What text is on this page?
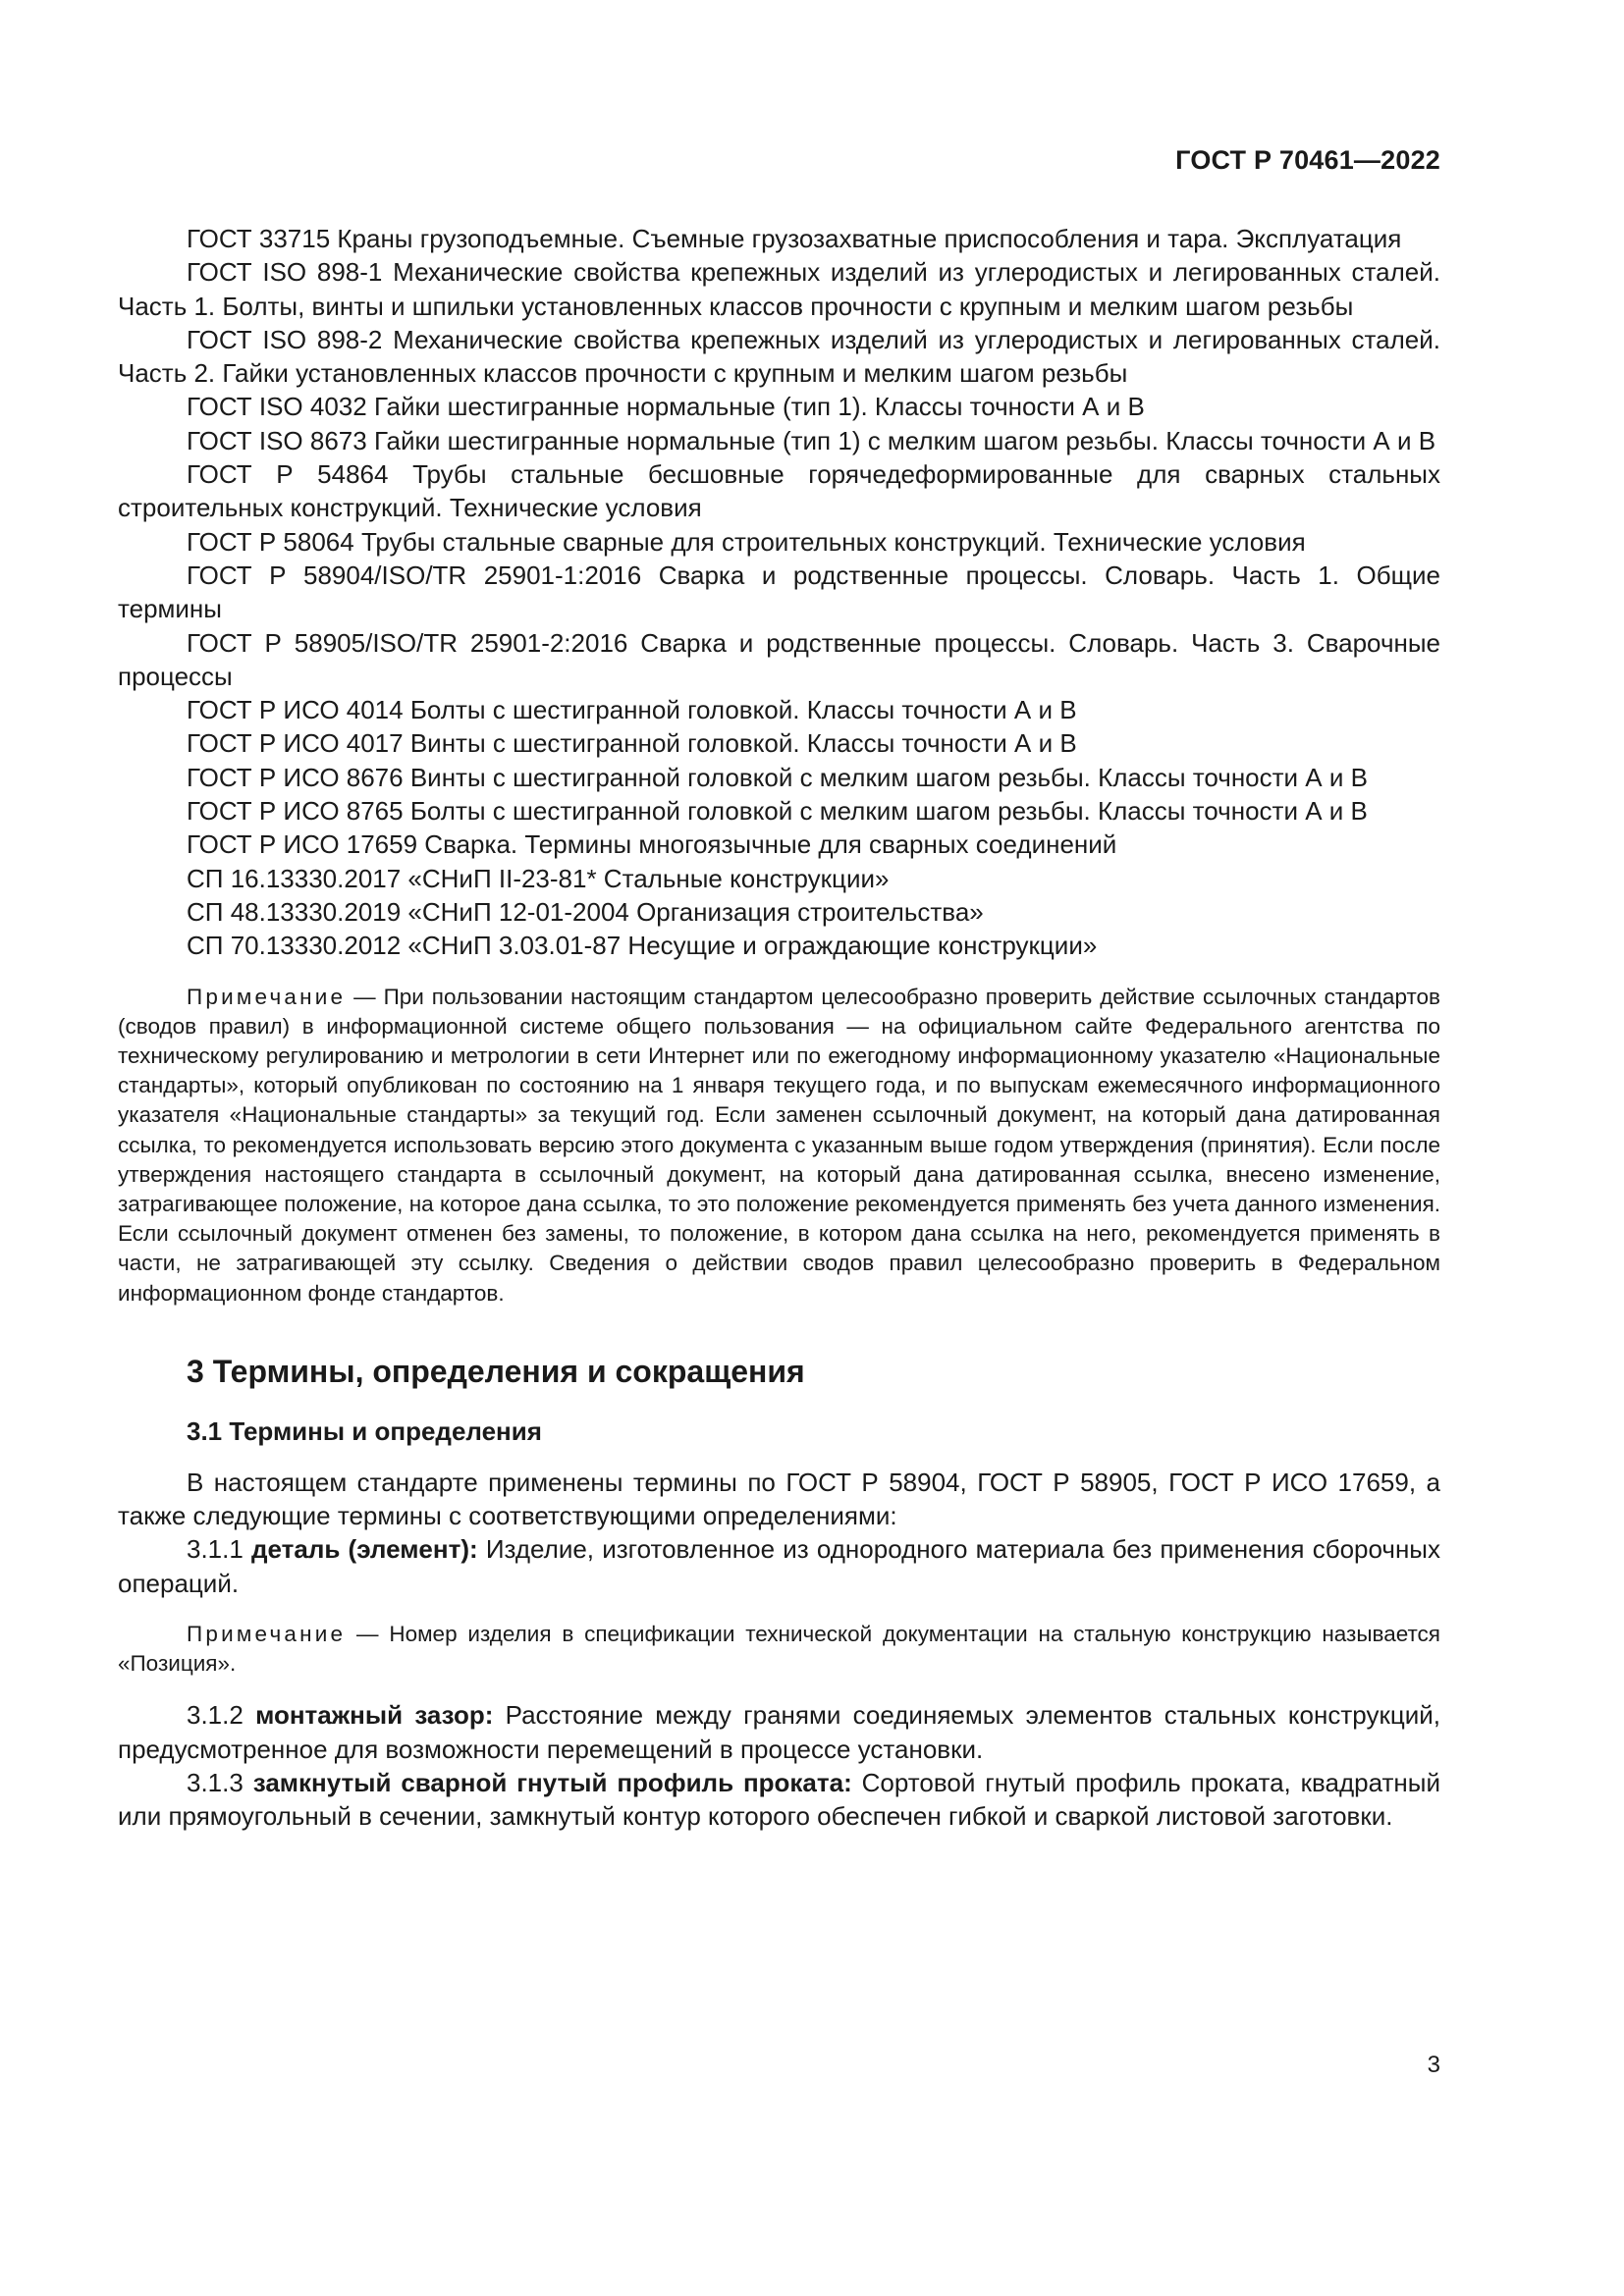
ГОСТ Р 70461—2022

ГОСТ 33715 Краны грузоподъемные. Съемные грузозахватные приспособления и тара. Эксплуатация

ГОСТ ISO 898-1 Механические свойства крепежных изделий из углеродистых и легированных сталей. Часть 1. Болты, винты и шпильки установленных классов прочности с крупным и мелким шагом резьбы

ГОСТ ISO 898-2 Механические свойства крепежных изделий из углеродистых и легированных сталей. Часть 2. Гайки установленных классов прочности с крупным и мелким шагом резьбы

ГОСТ ISO 4032 Гайки шестигранные нормальные (тип 1). Классы точности А и В

ГОСТ ISO 8673 Гайки шестигранные нормальные (тип 1) с мелким шагом резьбы. Классы точности А и В

ГОСТ Р 54864 Трубы стальные бесшовные горячедеформированные для сварных стальных строительных конструкций. Технические условия

ГОСТ Р 58064 Трубы стальные сварные для строительных конструкций. Технические условия

ГОСТ Р 58904/ISO/TR 25901-1:2016 Сварка и родственные процессы. Словарь. Часть 1. Общие термины

ГОСТ Р 58905/ISO/TR 25901-2:2016 Сварка и родственные процессы. Словарь. Часть 3. Сварочные процессы

ГОСТ Р ИСО 4014 Болты с шестигранной головкой. Классы точности А и В

ГОСТ Р ИСО 4017 Винты с шестигранной головкой. Классы точности А и В

ГОСТ Р ИСО 8676 Винты с шестигранной головкой с мелким шагом резьбы. Классы точности А и В

ГОСТ Р ИСО 8765 Болты с шестигранной головкой с мелким шагом резьбы. Классы точности А и В

ГОСТ Р ИСО 17659 Сварка. Термины многоязычные для сварных соединений

СП 16.13330.2017 «СНиП II-23-81* Стальные конструкции»

СП 48.13330.2019 «СНиП 12-01-2004 Организация строительства»

СП 70.13330.2012 «СНиП 3.03.01-87 Несущие и ограждающие конструкции»

Примечание — При пользовании настоящим стандартом целесообразно проверить действие ссылочных стандартов (сводов правил) в информационной системе общего пользования — на официальном сайте Федерального агентства по техническому регулированию и метрологии в сети Интернет или по ежегодному информационному указателю «Национальные стандарты», который опубликован по состоянию на 1 января текущего года, и по выпускам ежемесячного информационного указателя «Национальные стандарты» за текущий год. Если заменен ссылочный документ, на который дана датированная ссылка, то рекомендуется использовать версию этого документа с указанным выше годом утверждения (принятия). Если после утверждения настоящего стандарта в ссылочный документ, на который дана датированная ссылка, внесено изменение, затрагивающее положение, на которое дана ссылка, то это положение рекомендуется применять без учета данного изменения. Если ссылочный документ отменен без замены, то положение, в котором дана ссылка на него, рекомендуется применять в части, не затрагивающей эту ссылку. Сведения о действии сводов правил целесообразно проверить в Федеральном информационном фонде стандартов.

3 Термины, определения и сокращения
3.1 Термины и определения

В настоящем стандарте применены термины по ГОСТ Р 58904, ГОСТ Р 58905, ГОСТ Р ИСО 17659, а также следующие термины с соответствующими определениями:

3.1.1 деталь (элемент): Изделие, изготовленное из однородного материала без применения сборочных операций.

Примечание — Номер изделия в спецификации технической документации на стальную конструкцию называется «Позиция».

3.1.2 монтажный зазор: Расстояние между гранями соединяемых элементов стальных конструкций, предусмотренное для возможности перемещений в процессе установки.

3.1.3 замкнутый сварной гнутый профиль проката: Сортовой гнутый профиль проката, квадратный или прямоугольный в сечении, замкнутый контур которого обеспечен гибкой и сваркой листовой заготовки.

3
